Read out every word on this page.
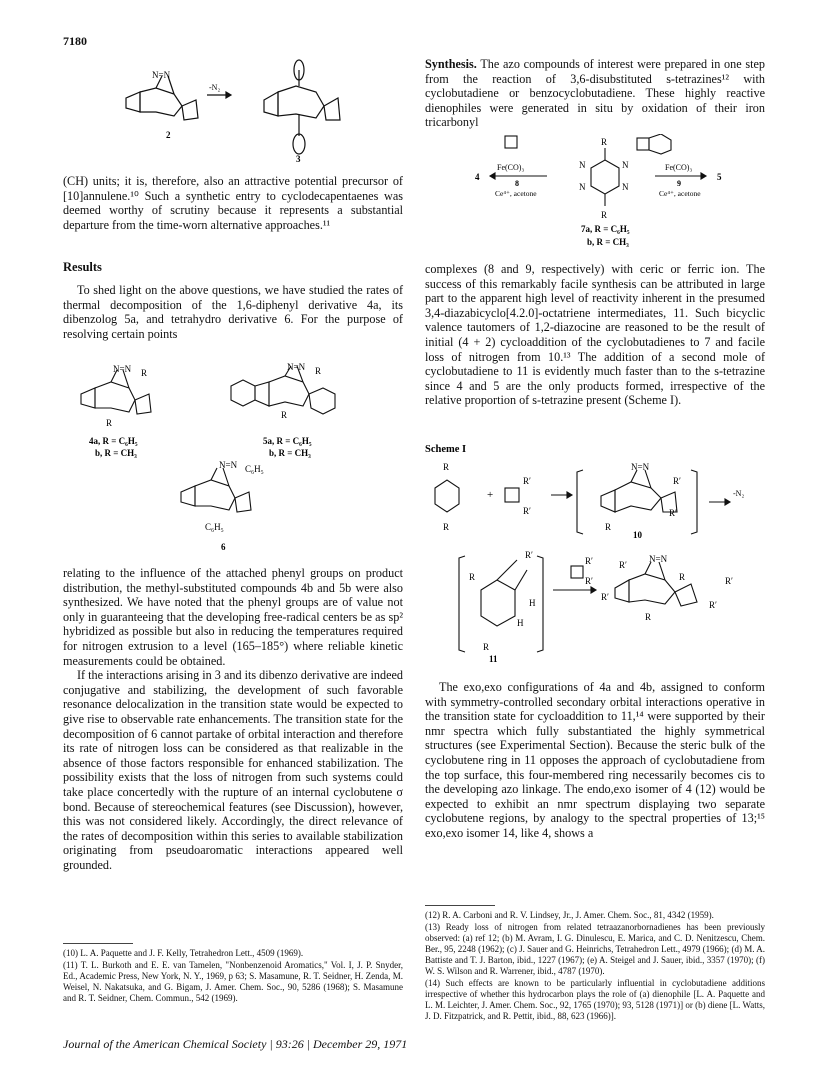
7180
N=N
-N₂
2
3

(CH) units; it is, therefore, also an attractive potential precursor of [10]annulene.¹⁰ Such a synthetic entry to cyclodecapentaenes was deemed worthy of scrutiny because it represents a substantial departure from the time-worn alternative approaches.¹¹

Results

To shed light on the above questions, we have studied the rates of thermal decomposition of the 1,6-diphenyl derivative 4a, its dibenzolog 5a, and tetrahydro derivative 6. For the purpose of resolving certain points

N=N R
R
4a, R = C₆H₅
b, R = CH₃
N=N R
R
5a, R = C₆H₅
b, R = CH₃
N=N C₆H₅
C₆H₅
6

relating to the influence of the attached phenyl groups on product distribution, the methyl-substituted compounds 4b and 5b were also synthesized. We have noted that the phenyl groups are of value not only in guaranteeing that the developing free-radical centers be as sp² hybridized as possible but also in reducing the temperatures required for nitrogen extrusion to a level (165–185°) where reliable kinetic measurements could be obtained.

If the interactions arising in 3 and its dibenzo derivative are indeed conjugative and stabilizing, the development of such favorable resonance delocalization in the transition state would be expected to give rise to observable rate enhancements. The transition state for the decomposition of 6 cannot partake of orbital interaction and therefore its rate of nitrogen loss can be considered as that realizable in the absence of those factors responsible for enhanced stabilization. The possibility exists that the loss of nitrogen from such systems could take place concertedly with the rupture of an internal cyclobutene σ bond. Because of stereochemical features (see Discussion), however, this was not considered likely. Accordingly, the direct relevance of the rates of decomposition within this series to available stabilization originating from pseudoaromatic interactions appeared well grounded.

(10) L. A. Paquette and J. F. Kelly, Tetrahedron Lett., 4509 (1969).

(11) T. L. Burkoth and E. E. van Tamelen, "Nonbenzenoid Aromatics," Vol. I, J. P. Snyder, Ed., Academic Press, New York, N. Y., 1969, p 63; S. Masamune, R. T. Seidner, H. Zenda, M. Weisel, N. Nakatsuka, and G. Bigam, J. Amer. Chem. Soc., 90, 5286 (1968); S. Masamune and R. T. Seidner, Chem. Commun., 542 (1969).

Synthesis. The azo compounds of interest were prepared in one step from the reaction of 3,6-disubstituted s-tetrazines¹² with cyclobutadiene or benzocyclobutadiene. These highly reactive dienophiles were generated in situ by oxidation of their iron tricarbonyl

4
Fe(CO)₃
8
Ce⁴⁺, acetone
R
N	N
N	N
R
Fe(CO)₃
9
Ce⁴⁺, acetone
5
7a, R = C₆H₅
b, R = CH₃

complexes (8 and 9, respectively) with ceric or ferric ion. The success of this remarkably facile synthesis can be attributed in large part to the apparent high level of reactivity inherent in the presumed 3,4-diazabicyclo[4.2.0]-octatriene intermediates, 11. Such bicyclic valence tautomers of 1,2-diazocine are reasoned to be the result of initial (4 + 2) cycloaddition of the cyclobutadienes to 7 and facile loss of nitrogen from 10.¹³ The addition of a second mole of cyclobutadiene to 11 is evidently much faster than to the s-tetrazine since 4 and 5 are the only products formed, irrespective of the relative proportion of s-tetrazine present (Scheme I).

Scheme I
R
R
+
R′
R′
N=N
R′
R
R′
10
-N₂
R′
R
H
H
R
11
R′
R′
R′
R′
N=N
R	R′
R′
R

The exo,exo configurations of 4a and 4b, assigned to conform with symmetry-controlled secondary orbital interactions operative in the transition state for cycloaddition to 11,¹⁴ were supported by their nmr spectra which fully substantiated the highly symmetrical structures (see Experimental Section). Because the steric bulk of the cyclobutene ring in 11 opposes the approach of cyclobutadiene from the top surface, this four-membered ring necessarily becomes cis to the developing azo linkage. The endo,exo isomer of 4 (12) would be expected to exhibit an nmr spectrum displaying two separate cyclobutene regions, by analogy to the spectral properties of 13;¹⁵ exo,exo isomer 14, like 4, shows a

(12) R. A. Carboni and R. V. Lindsey, Jr., J. Amer. Chem. Soc., 81, 4342 (1959).

(13) Ready loss of nitrogen from related tetraazanorbornadienes has been previously observed: (a) ref 12; (b) M. Avram, I. G. Dinulescu, E. Marica, and C. D. Nenitzescu, Chem. Ber., 95, 2248 (1962); (c) J. Sauer and G. Heinrichs, Tetrahedron Lett., 4979 (1966); (d) M. A. Battiste and T. J. Barton, ibid., 1227 (1967); (e) A. Steigel and J. Sauer, ibid., 3357 (1970); (f) W. S. Wilson and R. Warrener, ibid., 4787 (1970).

(14) Such effects are known to be particularly influential in cyclobutadiene additions irrespective of whether this hydrocarbon plays the role of (a) dienophile [L. A. Paquette and L. M. Leichter, J. Amer. Chem. Soc., 92, 1765 (1970); 93, 5128 (1971)] or (b) diene [L. Watts, J. D. Fitzpatrick, and R. Pettit, ibid., 88, 623 (1966)].

Journal of the American Chemical Society | 93:26 | December 29, 1971
